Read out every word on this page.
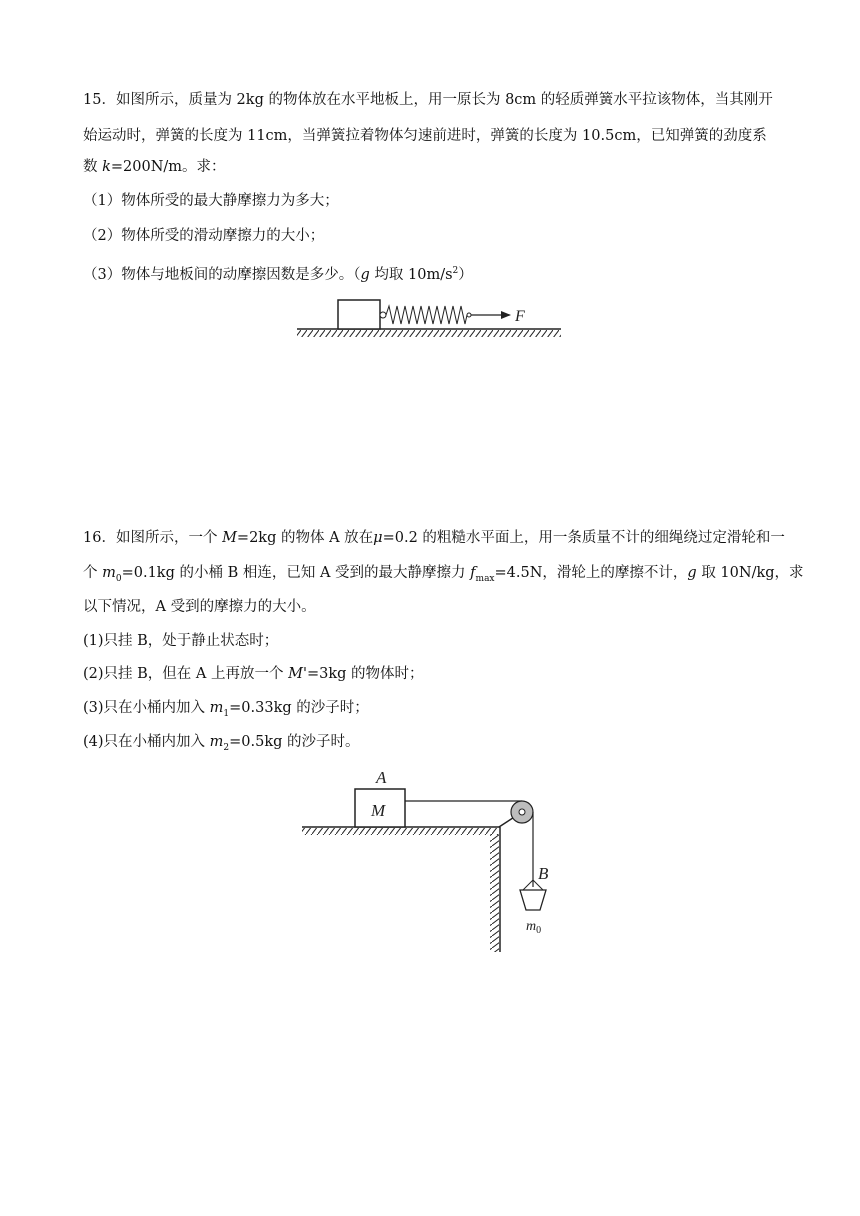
15．如图所示，质量为 2kg 的物体放在水平地板上，用一原长为 8cm 的轻质弹簧水平拉该物体，当其刚开
始运动时，弹簧的长度为 11cm，当弹簧拉着物体匀速前进时，弹簧的长度为 10.5cm，已知弹簧的劲度系
数 k=200N/m。求：
（1）物体所受的最大静摩擦力为多大；
（2）物体所受的滑动摩擦力的大小；
（3）物体与地板间的动摩擦因数是多少。（g 均取 $10m/s^2$）
F
16．如图所示，一个 M=2kg 的物体 A 放在μ=0.2 的粗糙水平面上，用一条质量不计的细绳绕过定滑轮和一
个 $m_0=0.1kg$ 的小桶 B 相连，已知 A 受到的最大静摩擦力 $f_{max}=4.5N$，滑轮上的摩擦不计，g 取 10N/kg，求
以下情况，A 受到的摩擦力的大小。
(1)只挂 B，处于静止状态时；
(2)只挂 B，但在 A 上再放一个 M'=3kg 的物体时；
(3)只在小桶内加入 $m_1=0.33kg$ 的沙子时；
(4)只在小桶内加入 $m_2=0.5kg$ 的沙子时。
A
M
B
$m_0$
